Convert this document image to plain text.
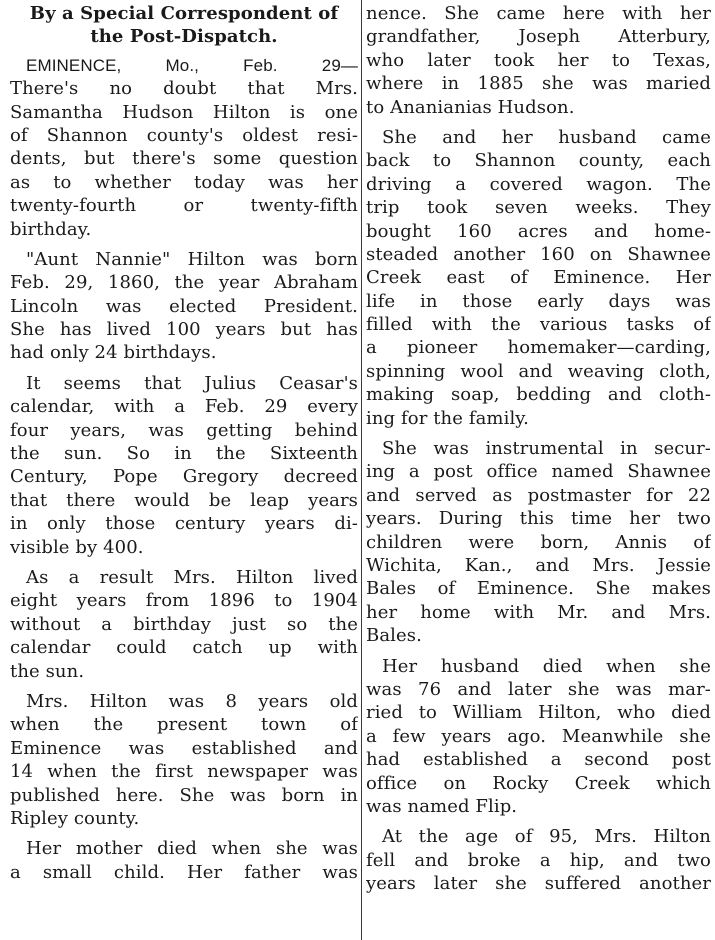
By a Special Correspondent of
the Post-Dispatch.
EMINENCE, Mo., Feb. 29—
There's no doubt that Mrs.
Samantha Hudson Hilton is one
of Shannon county's oldest resi-
dents, but there's some question
as to whether today was her
twenty-fourth or twenty-fifth
birthday.
"Aunt Nannie" Hilton was born
Feb. 29, 1860, the year Abraham
Lincoln was elected President.
She has lived 100 years but has
had only 24 birthdays.
It seems that Julius Ceasar's
calendar, with a Feb. 29 every
four years, was getting behind
the sun. So in the Sixteenth
Century, Pope Gregory decreed
that there would be leap years
in only those century years di-
visible by 400.
As a result Mrs. Hilton lived
eight years from 1896 to 1904
without a birthday just so the
calendar could catch up with
the sun.
Mrs. Hilton was 8 years old
when the present town of
Eminence was established and
14 when the first newspaper was
published here. She was born in
Ripley county.
Her mother died when she was
a small child. Her father was
nence. She came here with her
grandfather, Joseph Atterbury,
who later took her to Texas,
where in 1885 she was maried
to Ananianias Hudson.
She and her husband came
back to Shannon county, each
driving a covered wagon. The
trip took seven weeks. They
bought 160 acres and home-
steaded another 160 on Shawnee
Creek east of Eminence. Her
life in those early days was
filled with the various tasks of
a pioneer homemaker—carding,
spinning wool and weaving cloth,
making soap, bedding and cloth-
ing for the family.
She was instrumental in secur-
ing a post office named Shawnee
and served as postmaster for 22
years. During this time her two
children were born, Annis of
Wichita, Kan., and Mrs. Jessie
Bales of Eminence. She makes
her home with Mr. and Mrs.
Bales.
Her husband died when she
was 76 and later she was mar-
ried to William Hilton, who died
a few years ago. Meanwhile she
had established a second post
office on Rocky Creek which
was named Flip.
At the age of 95, Mrs. Hilton
fell and broke a hip, and two
years later she suffered another
